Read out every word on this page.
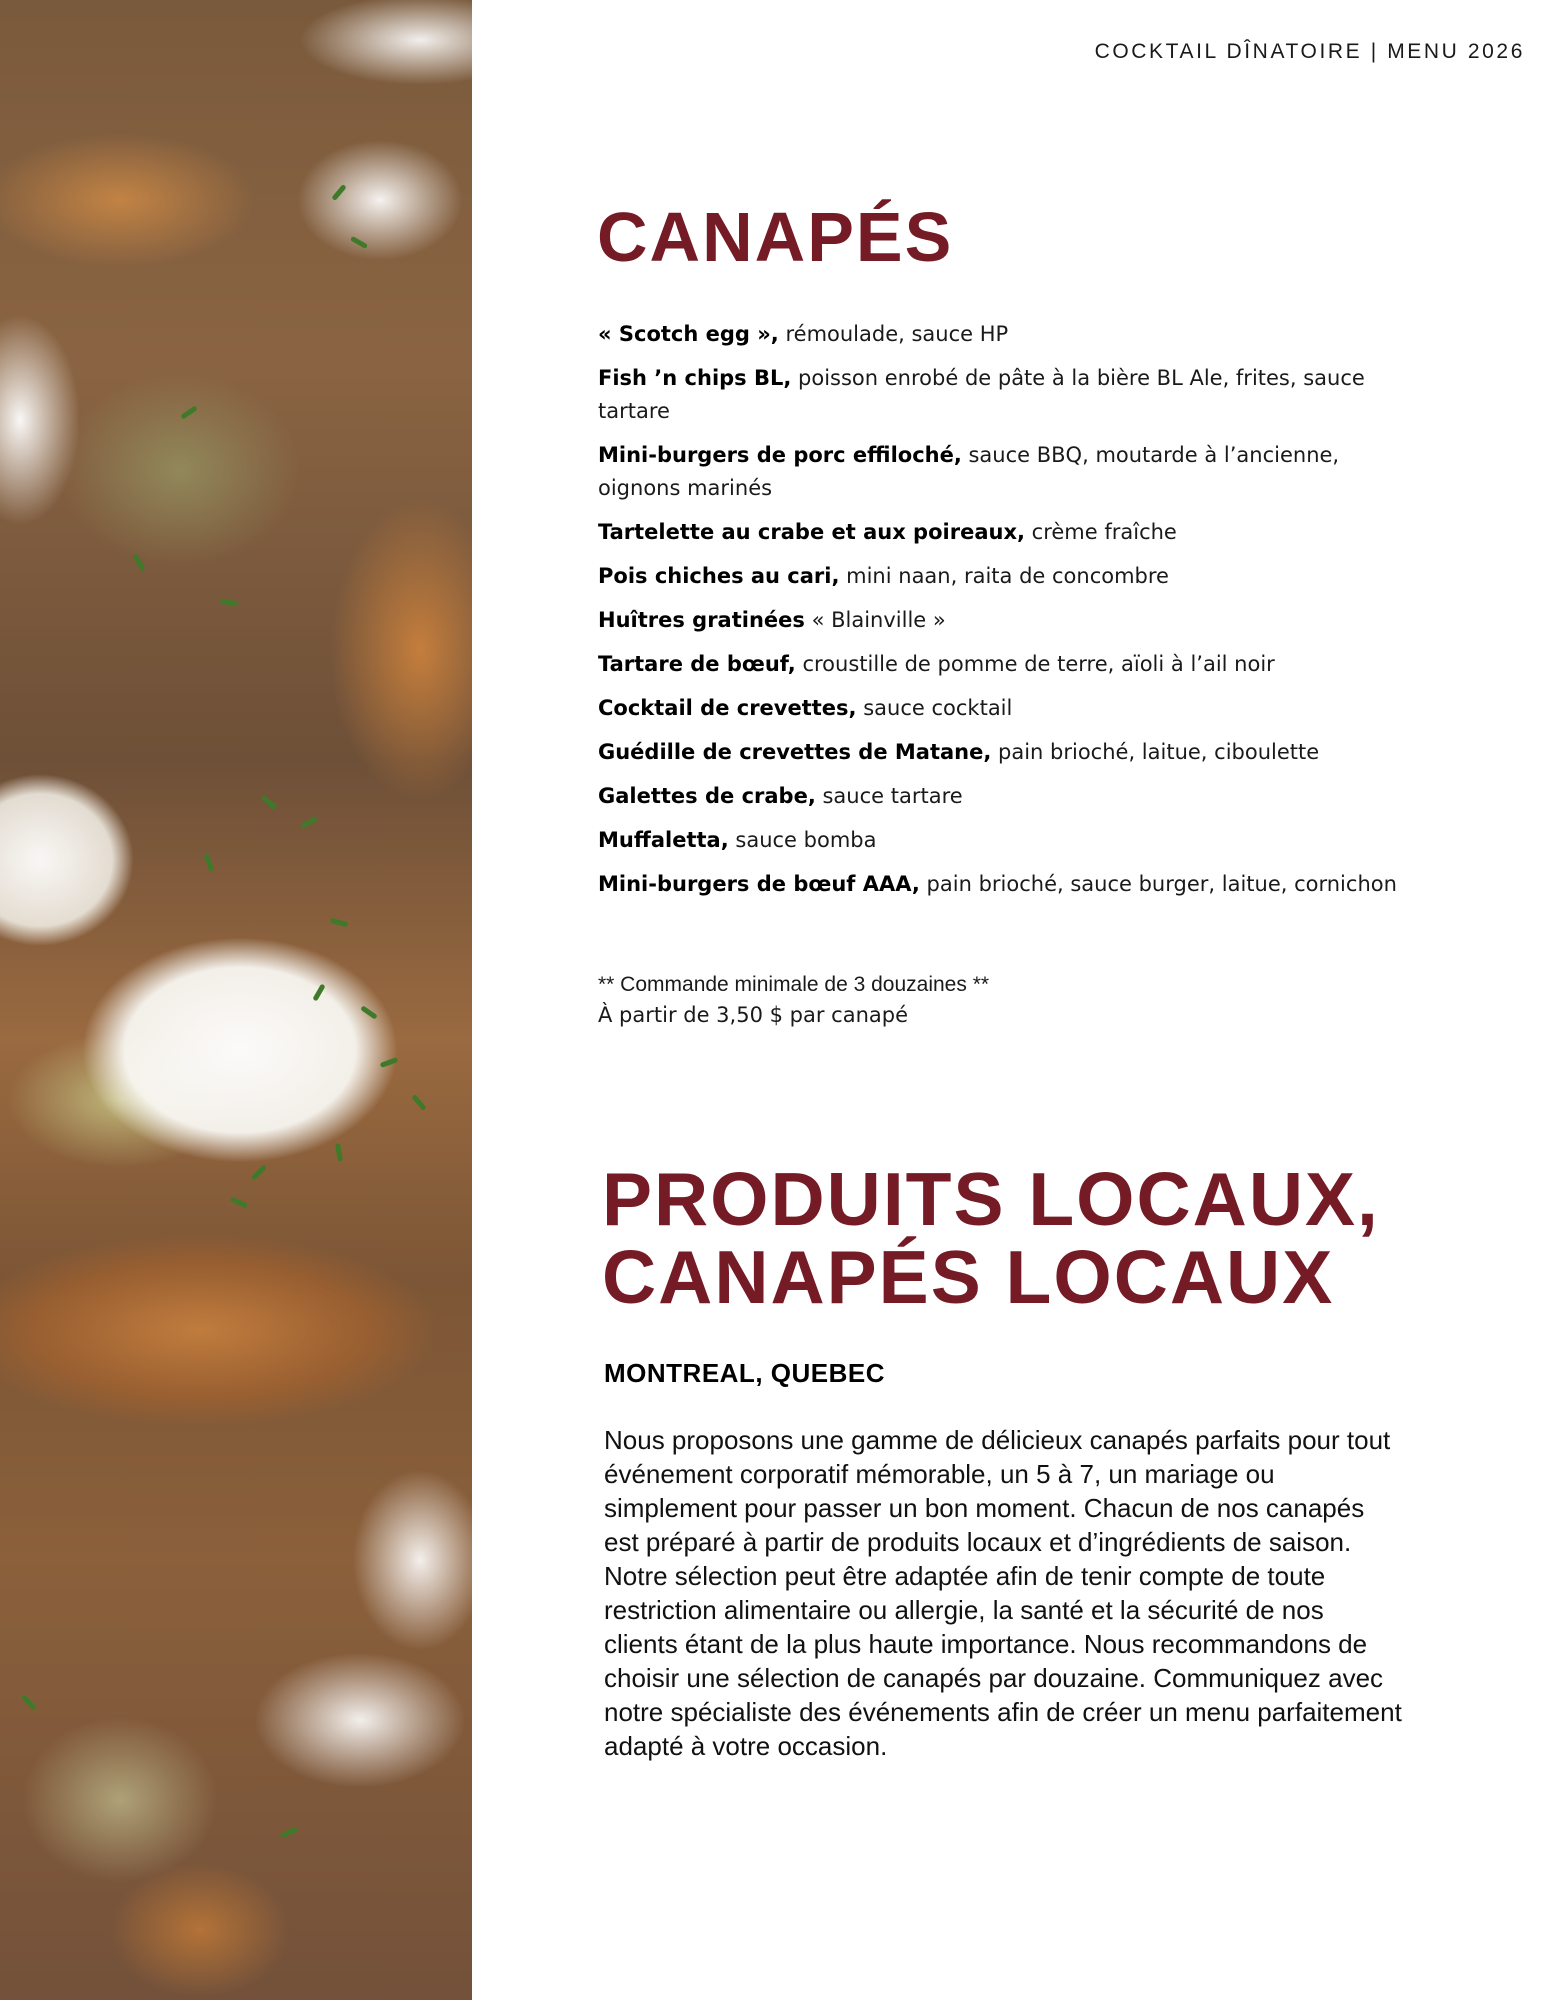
COCKTAIL DÎNATOIRE | MENU 2026
CANAPÉS
« Scotch egg », rémoulade, sauce HP
Fish ’n chips BL, poisson enrobé de pâte à la bière BL Ale, frites, sauce tartare
Mini-burgers de porc effiloché, sauce BBQ, moutarde à l’ancienne, oignons marinés
Tartelette au crabe et aux poireaux, crème fraîche
Pois chiches au cari, mini naan, raita de concombre
Huîtres gratinées « Blainville »
Tartare de bœuf, croustille de pomme de terre, aïoli à l’ail noir
Cocktail de crevettes, sauce cocktail
Guédille de crevettes de Matane, pain brioché, laitue, ciboulette
Galettes de crabe, sauce tartare
Muffaletta, sauce bomba
Mini-burgers de bœuf AAA, pain brioché, sauce burger, laitue, cornichon
** Commande minimale de 3 douzaines **
À partir de 3,50 $ par canapé
PRODUITS LOCAUX,
CANAPÉS LOCAUX
MONTREAL, QUEBEC

Nous proposons une gamme de délicieux canapés parfaits pour tout événement corporatif mémorable, un 5 à 7, un mariage ou simplement pour passer un bon moment. Chacun de nos canapés est préparé à partir de produits locaux et d’ingrédients de saison. Notre sélection peut être adaptée afin de tenir compte de toute restriction alimentaire ou allergie, la santé et la sécurité de nos clients étant de la plus haute importance. Nous recommandons de choisir une sélection de canapés par douzaine. Communiquez avec notre spécialiste des événements afin de créer un menu parfaitement adapté à votre occasion.
